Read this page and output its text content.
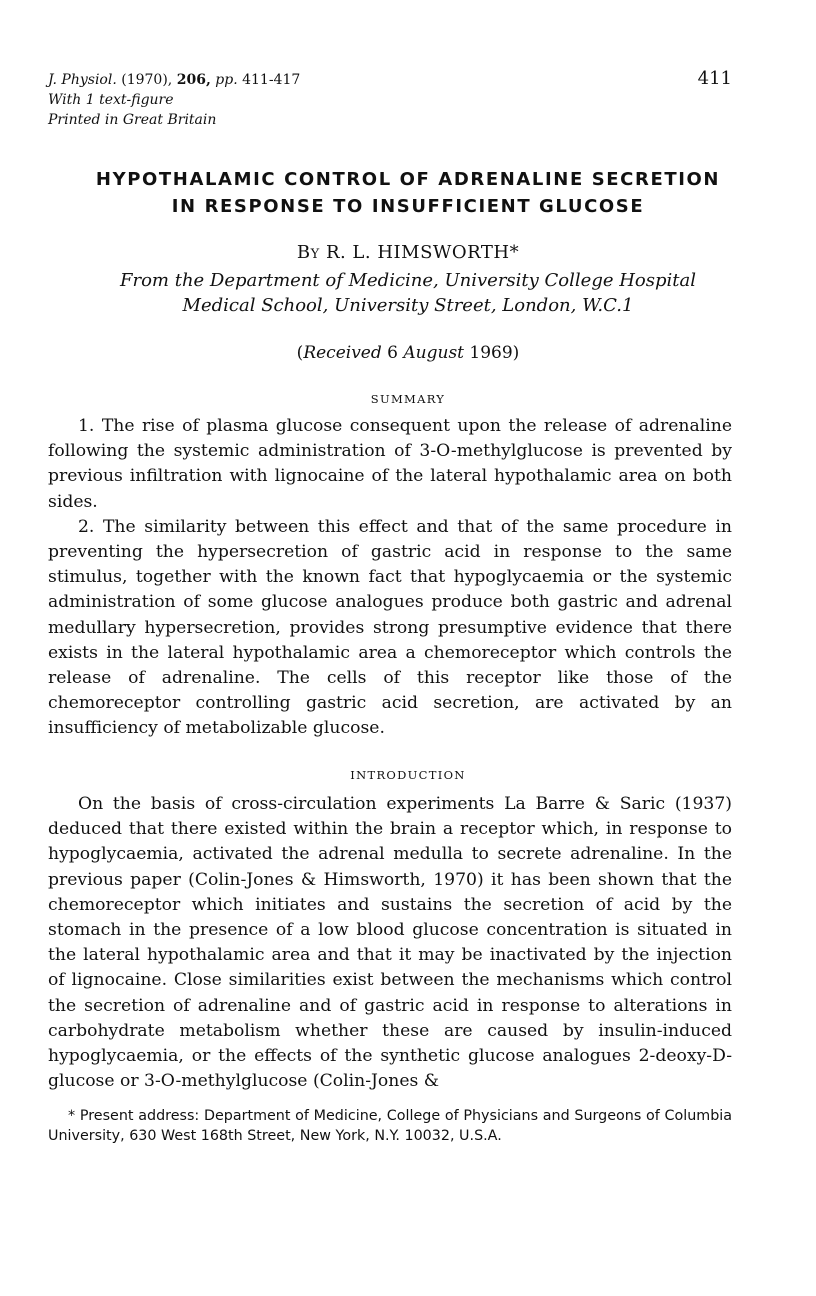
J. Physiol. (1970), 206, pp. 411-417
With 1 text-figure
Printed in Great Britain
411
HYPOTHALAMIC CONTROL OF ADRENALINE SECRETION
IN RESPONSE TO INSUFFICIENT GLUCOSE
By R. L. HIMSWORTH*
From the Department of Medicine, University College Hospital
Medical School, University Street, London, W.C.1
(Received 6 August 1969)
SUMMARY

1. The rise of plasma glucose consequent upon the release of adrenaline following the systemic administration of 3-O-methylglucose is prevented by previous infiltration with lignocaine of the lateral hypothalamic area on both sides.

2. The similarity between this effect and that of the same procedure in preventing the hypersecretion of gastric acid in response to the same stimulus, together with the known fact that hypoglycaemia or the systemic administration of some glucose analogues produce both gastric and adrenal medullary hypersecretion, provides strong presumptive evidence that there exists in the lateral hypothalamic area a chemoreceptor which controls the release of adrenaline. The cells of this receptor like those of the chemoreceptor controlling gastric acid secretion, are activated by an insufficiency of metabolizable glucose.

INTRODUCTION

On the basis of cross-circulation experiments La Barre & Saric (1937) deduced that there existed within the brain a receptor which, in response to hypoglycaemia, activated the adrenal medulla to secrete adrenaline. In the previous paper (Colin-Jones & Himsworth, 1970) it has been shown that the chemoreceptor which initiates and sustains the secretion of acid by the stomach in the presence of a low blood glucose concentration is situated in the lateral hypothalamic area and that it may be inactivated by the injection of lignocaine. Close similarities exist between the mechanisms which control the secretion of adrenaline and of gastric acid in response to alterations in carbohydrate metabolism whether these are caused by insulin-induced hypoglycaemia, or the effects of the synthetic glucose analogues 2-deoxy-D-glucose or 3-O-methylglucose (Colin-Jones &

* Present address: Department of Medicine, College of Physicians and Surgeons of Columbia University, 630 West 168th Street, New York, N.Y. 10032, U.S.A.
